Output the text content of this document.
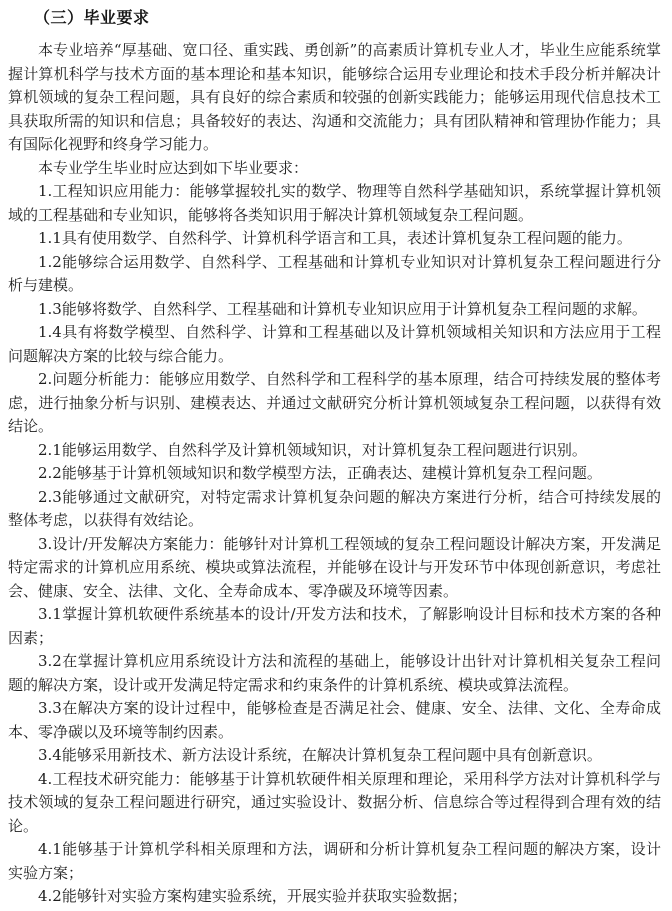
（三）毕业要求

本专业培养“厚基础、宽口径、重实践、勇创新”的高素质计算机专业人才，毕业生应能系统掌握计算机科学与技术方面的基本理论和基本知识，能够综合运用专业理论和技术手段分析并解决计算机领域的复杂工程问题，具有良好的综合素质和较强的创新实践能力；能够运用现代信息技术工具获取所需的知识和信息；具备较好的表达、沟通和交流能力；具有团队精神和管理协作能力；具有国际化视野和终身学习能力。

本专业学生毕业时应达到如下毕业要求：

1.工程知识应用能力：能够掌握较扎实的数学、物理等自然科学基础知识，系统掌握计算机领域的工程基础和专业知识，能够将各类知识用于解决计算机领域复杂工程问题。

1.1具有使用数学、自然科学、计算机科学语言和工具，表述计算机复杂工程问题的能力。

1.2能够综合运用数学、自然科学、工程基础和计算机专业知识对计算机复杂工程问题进行分析与建模。

1.3能够将数学、自然科学、工程基础和计算机专业知识应用于计算机复杂工程问题的求解。

1.4具有将数学模型、自然科学、计算和工程基础以及计算机领域相关知识和方法应用于工程问题解决方案的比较与综合能力。

2.问题分析能力：能够应用数学、自然科学和工程科学的基本原理，结合可持续发展的整体考虑，进行抽象分析与识别、建模表达、并通过文献研究分析计算机领域复杂工程问题，以获得有效结论。

2.1能够运用数学、自然科学及计算机领域知识，对计算机复杂工程问题进行识别。

2.2能够基于计算机领域知识和数学模型方法，正确表达、建模计算机复杂工程问题。

2.3能够通过文献研究，对特定需求计算机复杂问题的解决方案进行分析，结合可持续发展的整体考虑，以获得有效结论。

3.设计/开发解决方案能力：能够针对计算机工程领域的复杂工程问题设计解决方案，开发满足特定需求的计算机应用系统、模块或算法流程，并能够在设计与开发环节中体现创新意识，考虑社会、健康、安全、法律、文化、全寿命成本、零净碳及环境等因素。

3.1掌握计算机软硬件系统基本的设计/开发方法和技术，了解影响设计目标和技术方案的各种因素；

3.2在掌握计算机应用系统设计方法和流程的基础上，能够设计出针对计算机相关复杂工程问题的解决方案，设计或开发满足特定需求和约束条件的计算机系统、模块或算法流程。

3.3在解决方案的设计过程中，能够检查是否满足社会、健康、安全、法律、文化、全寿命成本、零净碳以及环境等制约因素。

3.4能够采用新技术、新方法设计系统，在解决计算机复杂工程问题中具有创新意识。

4.工程技术研究能力：能够基于计算机软硬件相关原理和理论，采用科学方法对计算机科学与技术领域的复杂工程问题进行研究，通过实验设计、数据分析、信息综合等过程得到合理有效的结论。

4.1能够基于计算机学科相关原理和方法，调研和分析计算机复杂工程问题的解决方案，设计实验方案；

4.2能够针对实验方案构建实验系统，开展实验并获取实验数据；
